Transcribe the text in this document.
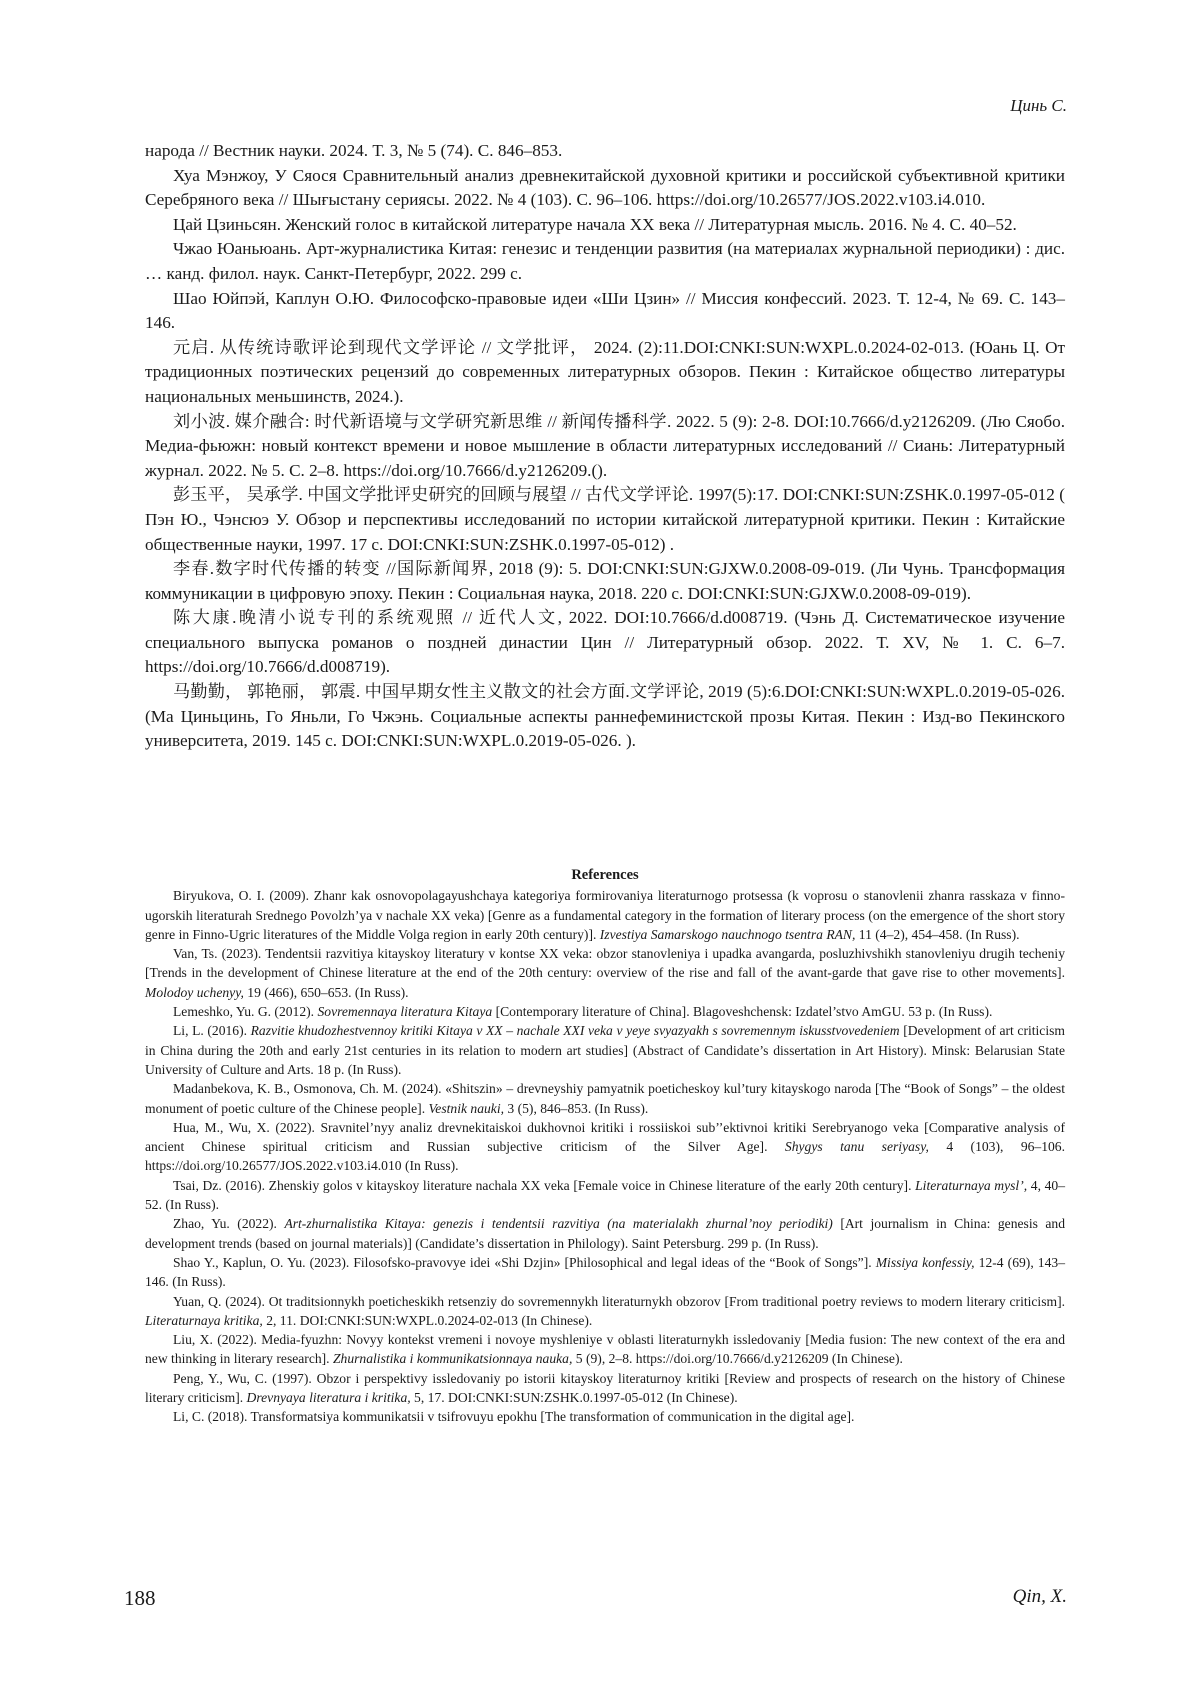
Цинь С.

народа // Вестник науки. 2024. Т. 3, № 5 (74). С. 846–853.

Хуа Мэнжоу, У Сяося Сравнительный анализ древнекитайской духовной критики и российской субъективной критики Серебряного века // Шығыстану сериясы. 2022. № 4 (103). С. 96–106. https://doi.org/10.26577/JOS.2022.v103.i4.010.

Цай Цзиньсян. Женский голос в китайской литературе начала XX века // Литературная мысль. 2016. № 4. С. 40–52.

Чжао Юаньюань. Арт-журналистика Китая: генезис и тенденции развития (на материалах журнальной периодики) : дис. … канд. филол. наук. Санкт-Петербург, 2022. 299 с.

Шао Юйпэй, Каплун О.Ю. Философско-правовые идеи «Ши Цзин» // Миссия конфессий. 2023. Т. 12-4, № 69. С. 143–146.

元启. 从传统诗歌评论到现代文学评论 // 文学批评， 2024. (2):11.DOI:CNKI:SUN:WXPL.0.2024-02-013. (Юань Ц. От традиционных поэтических рецензий до современных литературных обзоров. Пекин : Китайское общество литературы национальных меньшинств, 2024.).

刘小波. 媒介融合: 时代新语境与文学研究新思维 // 新闻传播科学. 2022. 5 (9): 2-8. DOI:10.7666/d.y2126209. (Лю Сяобо. Медиа-фьюжн: новый контекст времени и новое мышление в области литературных исследований // Сиань: Литературный журнал. 2022. № 5. С. 2–8. https://doi.org/10.7666/d.y2126209.().

彭玉平， 吴承学. 中国文学批评史研究的回顾与展望 // 古代文学评论. 1997(5):17. DOI:CNKI:SUN:ZSHK.0.1997-05-012 ( Пэн Ю., Чэнсюэ У. Обзор и перспективы исследований по истории китайской литературной критики. Пекин : Китайские общественные науки, 1997. 17 с. DOI:CNKI:SUN:ZSHK.0.1997-05-012) .

李春.数字时代传播的转变 //国际新闻界, 2018 (9): 5. DOI:CNKI:SUN:GJXW.0.2008-09-019. (Ли Чунь. Трансформация коммуникации в цифровую эпоху. Пекин : Социальная наука, 2018. 220 с. DOI:CNKI:SUN:GJXW.0.2008-09-019).

陈大康.晚清小说专刊的系统观照 // 近代人文, 2022. DOI:10.7666/d.d008719. (Чэнь Д. Систематическое изучение специального выпуска романов о поздней династии Цин // Литературный обзор. 2022. Т. XV, № 1. С. 6–7. https://doi.org/10.7666/d.d008719).

马勤勤， 郭艳丽， 郭震. 中国早期女性主义散文的社会方面.文学评论, 2019 (5):6.DOI:CNKI:SUN:WXPL.0.2019-05-026. (Ма Циньцинь, Го Яньли, Го Чжэнь. Социальные аспекты раннефеминистской прозы Китая. Пекин : Изд-во Пекинского университета, 2019. 145 с. DOI:CNKI:SUN:WXPL.0.2019-05-026. ).

References

Biryukova, O. I. (2009). Zhanr kak osnovopolagayushchaya kategoriya formirovaniya literaturnogo protsessa (k voprosu o stanovlenii zhanra rasskaza v finno-ugorskih literaturah Srednego Povolzh’ya v nachale XX veka) [Genre as a fundamental category in the formation of literary process (on the emergence of the short story genre in Finno-Ugric literatures of the Middle Volga region in early 20th century)]. Izvestiya Samarskogo nauchnogo tsentra RAN, 11 (4–2), 454–458. (In Russ).

Van, Ts. (2023). Tendentsii razvitiya kitayskoy literatury v kontse XX veka: obzor stanovleniya i upadka avangarda, posluzhivshikh stanovleniyu drugih techeniy [Trends in the development of Chinese literature at the end of the 20th century: overview of the rise and fall of the avant-garde that gave rise to other movements]. Molodoy uchenyy, 19 (466), 650–653. (In Russ).

Lemeshko, Yu. G. (2012). Sovremennaya literatura Kitaya [Contemporary literature of China]. Blagoveshchensk: Izdatel’stvo AmGU. 53 p. (In Russ).

Li, L. (2016). Razvitie khudozhestvennoy kritiki Kitaya v XX – nachale XXI veka v yeye svyazyakh s sovremennym iskusstvovedeniem [Development of art criticism in China during the 20th and early 21st centuries in its relation to modern art studies] (Abstract of Candidate’s dissertation in Art History). Minsk: Belarusian State University of Culture and Arts. 18 p. (In Russ).

Madanbekova, K. B., Osmonova, Ch. M. (2024). «Shitszin» – drevneyshiy pamyatnik poeticheskoy kul’tury kitayskogo naroda [The “Book of Songs” – the oldest monument of poetic culture of the Chinese people]. Vestnik nauki, 3 (5), 846–853. (In Russ).

Hua, M., Wu, X. (2022). Sravnitel’nyy analiz drevnekitaiskoi dukhovnoi kritiki i rossiiskoi sub’’ektivnoi kritiki Serebryanogo veka [Comparative analysis of ancient Chinese spiritual criticism and Russian subjective criticism of the Silver Age]. Shygys tanu seriyasy, 4 (103), 96–106. https://doi.org/10.26577/JOS.2022.v103.i4.010 (In Russ).

Tsai, Dz. (2016). Zhenskiy golos v kitayskoy literature nachala XX veka [Female voice in Chinese literature of the early 20th century]. Literaturnaya mysl’, 4, 40–52. (In Russ).

Zhao, Yu. (2022). Art-zhurnalistika Kitaya: genezis i tendentsii razvitiya (na materialakh zhurnal’noy periodiki) [Art journalism in China: genesis and development trends (based on journal materials)] (Candidate’s dissertation in Philology). Saint Petersburg. 299 p. (In Russ).

Shao Y., Kaplun, O. Yu. (2023). Filosofsko-pravovye idei «Shi Dzjin» [Philosophical and legal ideas of the “Book of Songs”]. Missiya konfessiy, 12-4 (69), 143–146. (In Russ).

Yuan, Q. (2024). Ot traditsionnykh poeticheskikh retsenziy do sovremennykh literaturnykh obzorov [From traditional poetry reviews to modern literary criticism]. Literaturnaya kritika, 2, 11. DOI:CNKI:SUN:WXPL.0.2024-02-013 (In Chinese).

Liu, X. (2022). Media-fyuzhn: Novyy kontekst vremeni i novoye myshleniye v oblasti literaturnykh issledovaniy [Media fusion: The new context of the era and new thinking in literary research]. Zhurnalistika i kommunikatsionnaya nauka, 5 (9), 2–8. https://doi.org/10.7666/d.y2126209 (In Chinese).

Peng, Y., Wu, C. (1997). Obzor i perspektivy issledovaniy po istorii kitayskoy literaturnoy kritiki [Review and prospects of research on the history of Chinese literary criticism]. Drevnyaya literatura i kritika, 5, 17. DOI:CNKI:SUN:ZSHK.0.1997-05-012 (In Chinese).

Li, C. (2018). Transformatsiya kommunikatsii v tsifrovuyu epokhu [The transformation of communication in the digital age].

188	Qin, X.
